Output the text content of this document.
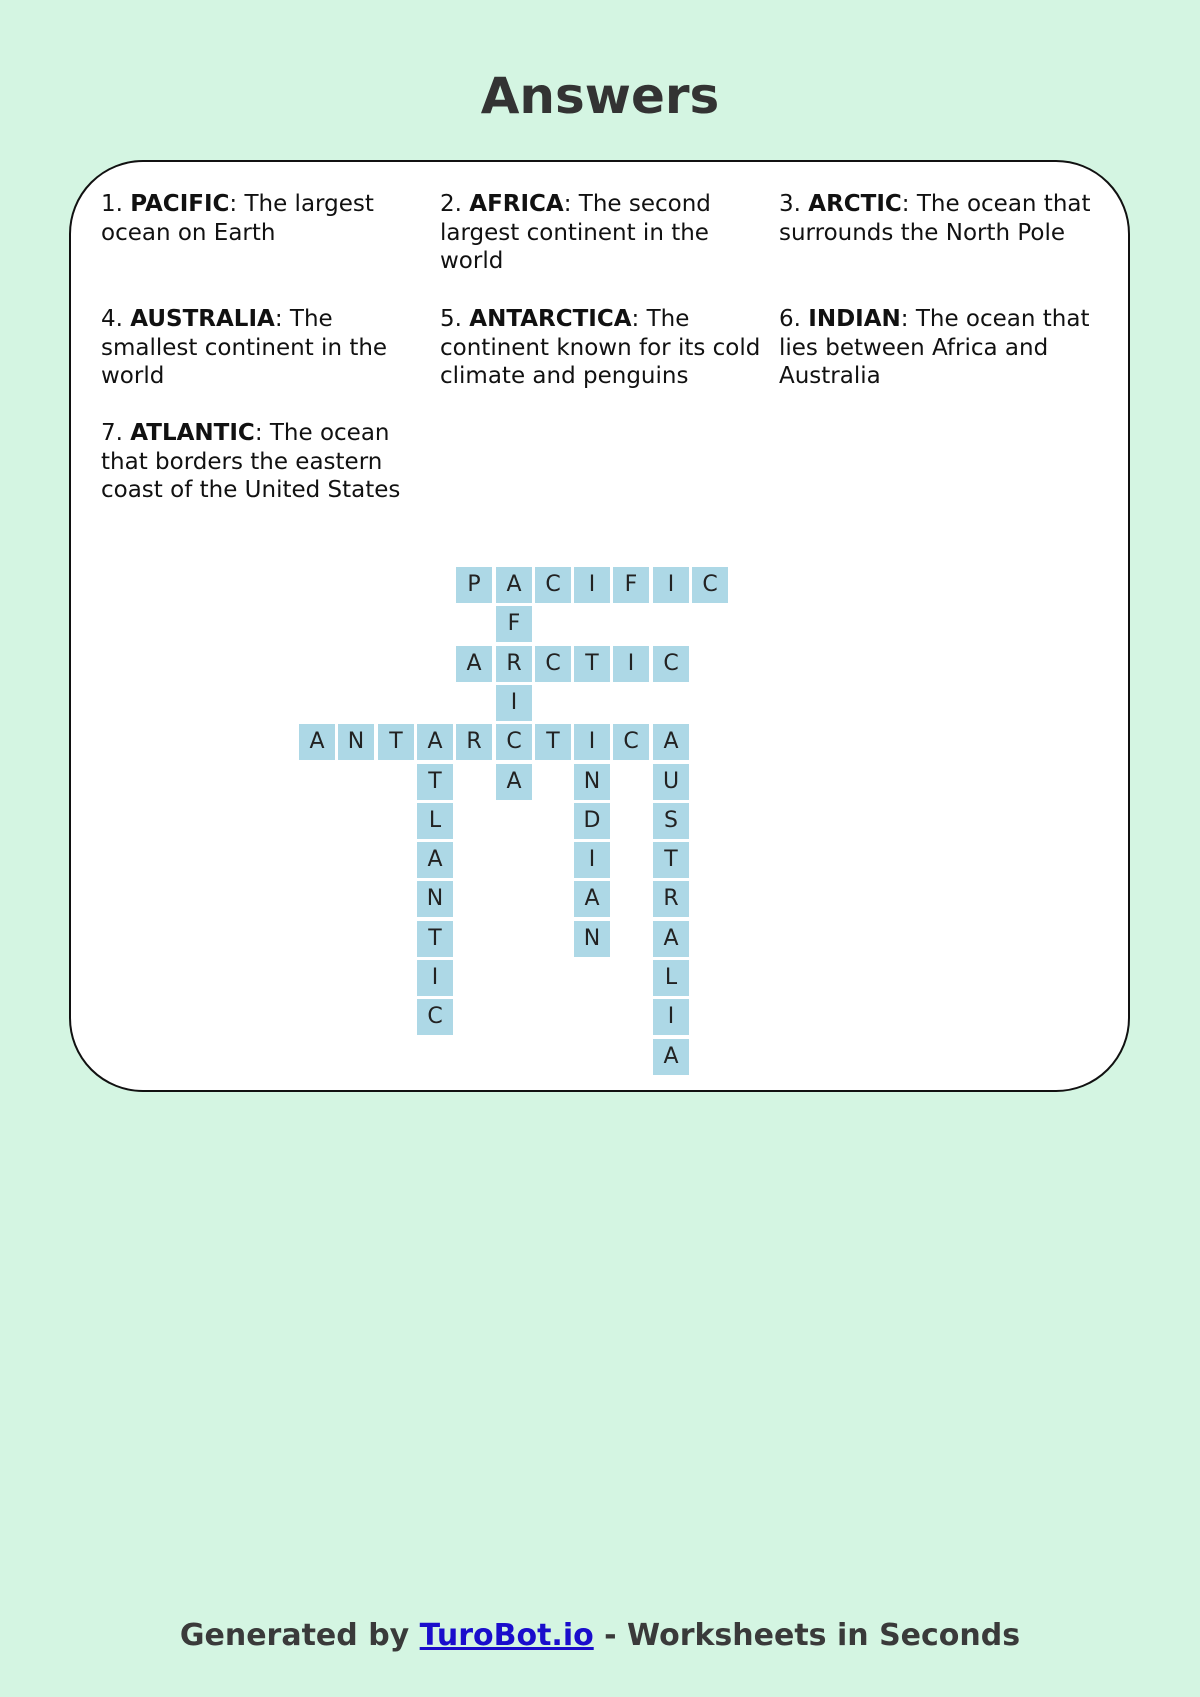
Answers
1. PACIFIC: The largest ocean on Earth
2. AFRICA: The second largest continent in the world
3. ARCTIC: The ocean that surrounds the North Pole
4. AUSTRALIA: The smallest continent in the world
5. ANTARCTICA: The continent known for its cold climate and penguins
6. INDIAN: The ocean that lies between Africa and Australia
7. ATLANTIC: The ocean that borders the eastern coast of the United States
P	A	C	I	F	I	C
F
R
I
C
A
A	C	T	I	C
A	N	T	A	R	T	I	C	A
T
L
A
N
T
I
C
N
D
I
A
N
U
S
T
R
A
L
I
A
Generated by TuroBot.io - Worksheets in Seconds
